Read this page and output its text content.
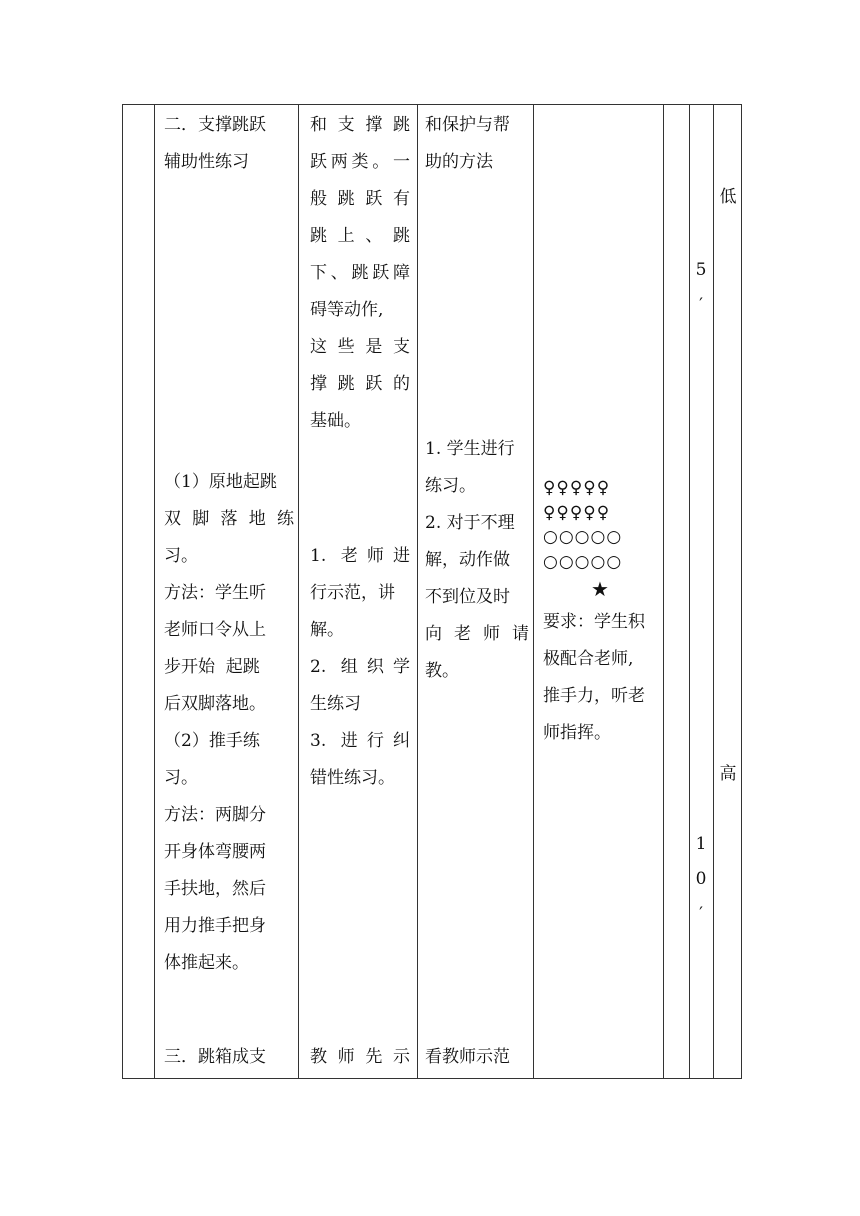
二．支撑跳跃

辅助性练习

（1）原地起跳

双脚落地练

习。

方法：学生听

老师口令从上

步开始  起跳

后双脚落地。

（2）推手练

习。

方法：两脚分

开身体弯腰两

手扶地，然后

用力推手把身

体推起来。

三．跳箱成支

和支撑跳

跃两类。一

般跳跃有

跳上、跳

下、跳跃障

碍等动作,

这些是支

撑跳跃的

基础。

1. 老师进

行示范，讲

解。

2. 组织学

生练习

3. 进行纠

错性练习。

教师先示

和保护与帮

助的方法

1. 学生进行

练习。

2. 对于不理

解，动作做

不到位及时

向老师请

教。

看教师示范

♀♀♀♀♀

♀♀♀♀♀

○○○○○

○○○○○

★

要求：学生积

极配合老师,

推手力，听老

师指挥。

5
′
1
0
′
低
高
